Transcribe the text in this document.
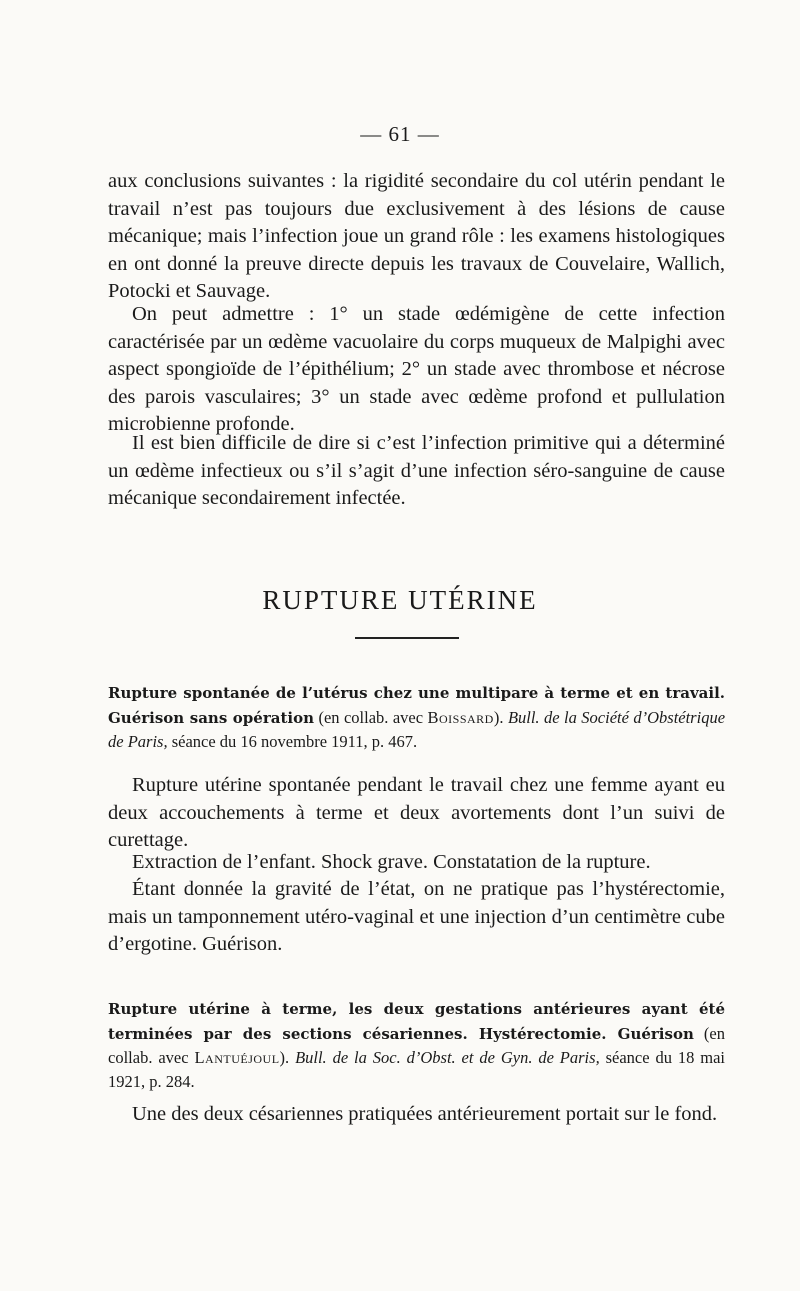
— 61 —

aux conclusions suivantes : la rigidité secondaire du col utérin pendant le travail n’est pas toujours due exclusivement à des lésions de cause mécanique; mais l’infection joue un grand rôle : les examens histologiques en ont donné la preuve directe depuis les travaux de Couvelaire, Wallich, Potocki et Sauvage.

On peut admettre : 1° un stade œdémigène de cette infection caractérisée par un œdème vacuolaire du corps muqueux de Malpighi avec aspect spongioïde de l’épithélium; 2° un stade avec thrombose et nécrose des parois vasculaires; 3° un stade avec œdème profond et pullulation microbienne profonde.

Il est bien difficile de dire si c’est l’infection primitive qui a déterminé un œdème infectieux ou s’il s’agit d’une infection séro-sanguine de cause mécanique secondairement infectée.

RUPTURE UTÉRINE

Rupture spontanée de l’utérus chez une multipare à terme et en travail. Guérison sans opération (en collab. avec Boissard). Bull. de la Société d’Obstétrique de Paris, séance du 16 novembre 1911, p. 467.

Rupture utérine spontanée pendant le travail chez une femme ayant eu deux accouchements à terme et deux avortements dont l’un suivi de curettage.

Extraction de l’enfant. Shock grave. Constatation de la rupture.

Étant donnée la gravité de l’état, on ne pratique pas l’hystérectomie, mais un tamponnement utéro-vaginal et une injection d’un centimètre cube d’ergotine. Guérison.

Rupture utérine à terme, les deux gestations antérieures ayant été terminées par des sections césariennes. Hystérectomie. Guérison (en collab. avec Lantuéjoul). Bull. de la Soc. d’Obst. et de Gyn. de Paris, séance du 18 mai 1921, p. 284.

Une des deux césariennes pratiquées antérieurement portait sur le fond.
